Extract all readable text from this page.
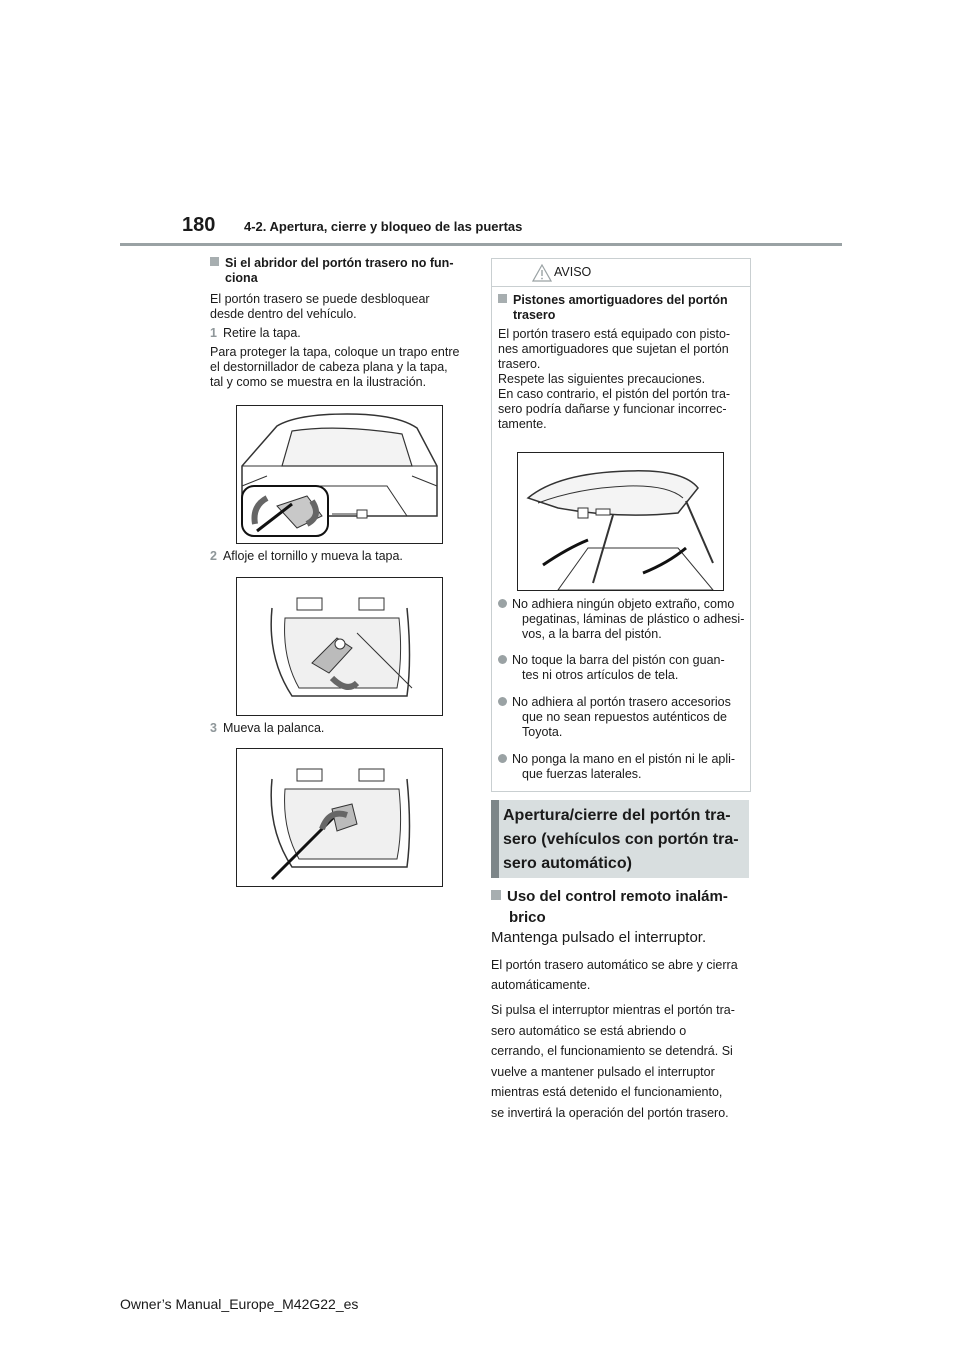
180 4-2. Apertura, cierre y bloqueo de las puertas
Si el abridor del portón trasero no fun-
ciona
El portón trasero se puede desbloquear
desde dentro del vehículo.
1 Retire la tapa.
Para proteger la tapa, coloque un trapo entre
el destornillador de cabeza plana y la tapa,
tal y como se muestra en la ilustración.
2 Afloje el tornillo y mueva la tapa.
3 Mueva la palanca.
AVISO
Pistones amortiguadores del portón
trasero
El portón trasero está equipado con pisto-
nes amortiguadores que sujetan el portón
trasero.
Respete las siguientes precauciones.
En caso contrario, el pistón del portón tra-
sero podría dañarse y funcionar incorrec-
tamente.
No adhiera ningún objeto extraño, como
pegatinas, láminas de plástico o adhesi-
vos, a la barra del pistón.
No toque la barra del pistón con guan-
tes ni otros artículos de tela.
No adhiera al portón trasero accesorios
que no sean repuestos auténticos de
Toyota.
No ponga la mano en el pistón ni le apli-
que fuerzas laterales.
Apertura/cierre del portón tra-
sero (vehículos con portón tra-
sero automático)
Uso del control remoto inalám-
brico
Mantenga pulsado el interruptor.
El portón trasero automático se abre y cierra
automáticamente.
Si pulsa el interruptor mientras el portón tra-
sero automático se está abriendo o
cerrando, el funcionamiento se detendrá. Si
vuelve a mantener pulsado el interruptor
mientras está detenido el funcionamiento,
se invertirá la operación del portón trasero.
Owner’s Manual_Europe_M42G22_es
